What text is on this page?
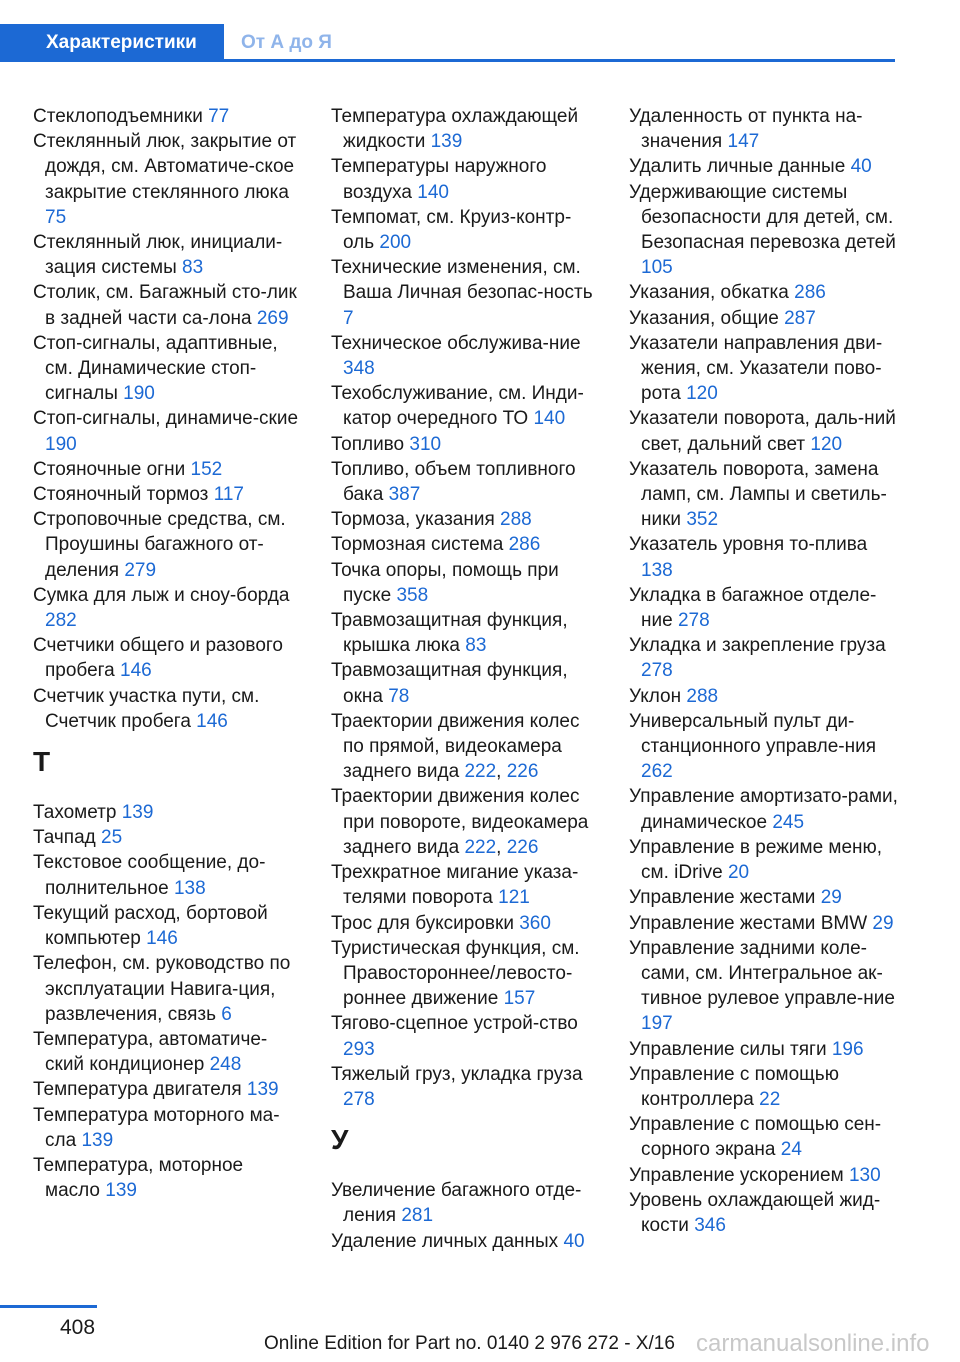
Характеристики	От А до Я
Стеклоподъемники 77
Стеклянный люк, закрытие от дождя, см. Автоматиче-ское закрытие стеклянного люка 75
Стеклянный люк, инициали-зация системы 83
Столик, см. Багажный сто-лик в задней части са-лона 269
Стоп-сигналы, адаптивные, см. Динамические стоп-сигналы 190
Стоп-сигналы, динамиче-ские 190
Стояночные огни 152
Стояночный тормоз 117
Строповочные средства, см. Проушины багажного от-деления 279
Сумка для лыж и сноу-борда 282
Счетчики общего и разового пробега 146
Счетчик участка пути, см. Счетчик пробега 146
Т
Тахометр 139
Тачпад 25
Текстовое сообщение, до-полнительное 138
Текущий расход, бортовой компьютер 146
Телефон, см. руководство по эксплуатации Навига-ция, развлечения, связь 6
Температура, автоматиче-ский кондиционер 248
Температура двигателя 139
Температура моторного ма-сла 139
Температура, моторное масло 139
Температура охлаждающей жидкости 139
Температуры наружного воздуха 140
Темпомат, см. Круиз-контр-оль 200
Технические изменения, см. Ваша Личная безопас-ность 7
Техническое обслужива-ние 348
Техобслуживание, см. Инди-катор очередного ТО 140
Топливо 310
Топливо, объем топливного бака 387
Тормоза, указания 288
Тормозная система 286
Точка опоры, помощь при пуске 358
Травмозащитная функция, крышка люка 83
Травмозащитная функция, окна 78
Траектории движения колес по прямой, видеокамера заднего вида 222, 226
Траектории движения колес при повороте, видеокамера заднего вида 222, 226
Трехкратное мигание указа-телями поворота 121
Трос для буксировки 360
Туристическая функция, см. Правостороннее/левосто-роннее движение 157
Тягово-сцепное устрой-ство 293
Тяжелый груз, укладка груза 278
У
Увеличение багажного отде-ления 281
Удаление личных данных 40
Удаленность от пункта на-значения 147
Удалить личные данные 40
Удерживающие системы безопасности для детей, см. Безопасная перевозка детей 105
Указания, обкатка 286
Указания, общие 287
Указатели направления дви-жения, см. Указатели пово-рота 120
Указатели поворота, даль-ний свет, дальний свет 120
Указатель поворота, замена ламп, см. Лампы и светиль-ники 352
Указатель уровня то-плива 138
Укладка в багажное отделе-ние 278
Укладка и закрепление груза 278
Уклон 288
Универсальный пульт ди-станционного управле-ния 262
Управление амортизато-рами, динамическое 245
Управление в режиме меню, см. iDrive 20
Управление жестами 29
Управление жестами BMW 29
Управление задними коле-сами, см. Интегральное ак-тивное рулевое управле-ние 197
Управление силы тяги 196
Управление с помощью контроллера 22
Управление с помощью сен-сорного экрана 24
Управление ускорением 130
Уровень охлаждающей жид-кости 346
408
Online Edition for Part no. 0140 2 976 272 - X/16 carmanualsonline.info
